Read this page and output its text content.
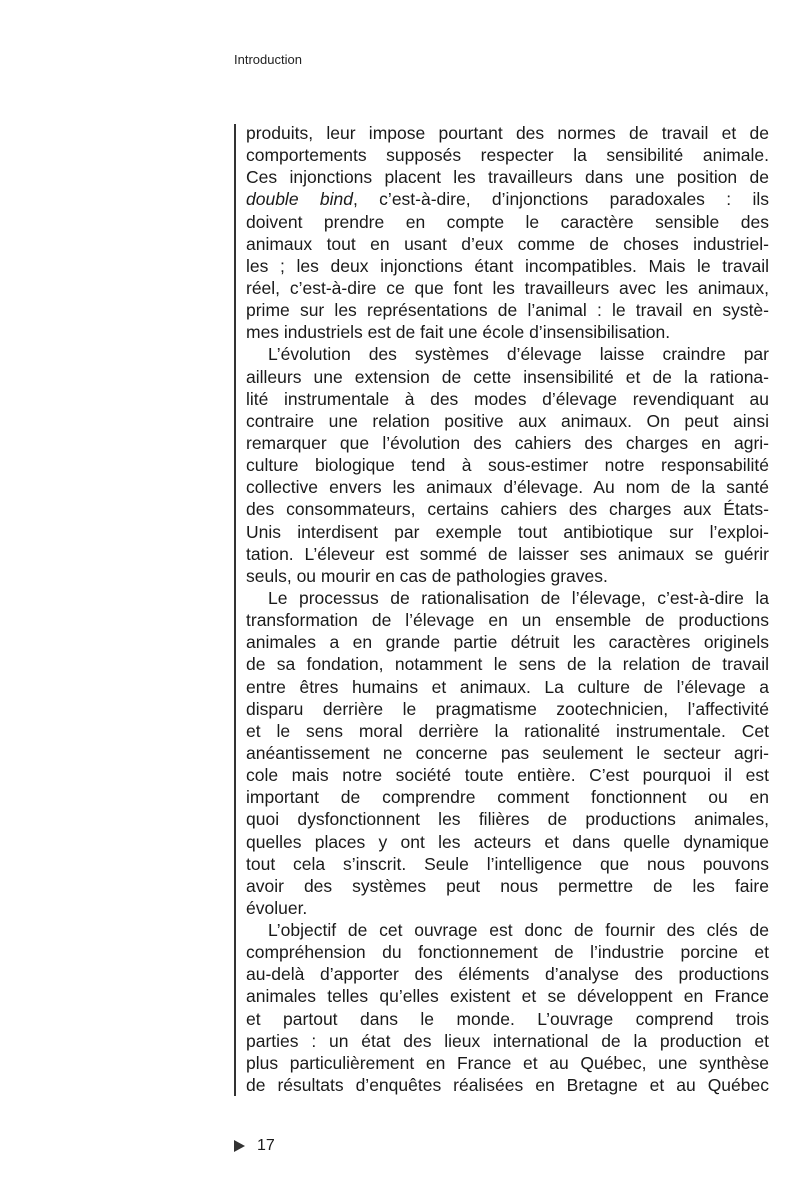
Introduction
produits, leur impose pourtant des normes de travail et de
comportements supposés respecter la sensibilité animale.
Ces injonctions placent les travailleurs dans une position de
double bind, c’est-à-dire, d’injonctions paradoxales : ils
doivent prendre en compte le caractère sensible des
animaux tout en usant d’eux comme de choses industriel-
les ; les deux injonctions étant incompatibles. Mais le travail
réel, c’est-à-dire ce que font les travailleurs avec les animaux,
prime sur les représentations de l’animal : le travail en systè-
mes industriels est de fait une école d’insensibilisation.
L’évolution des systèmes d’élevage laisse craindre par
ailleurs une extension de cette insensibilité et de la rationa-
lité instrumentale à des modes d’élevage revendiquant au
contraire une relation positive aux animaux. On peut ainsi
remarquer que l’évolution des cahiers des charges en agri-
culture biologique tend à sous-estimer notre responsabilité
collective envers les animaux d’élevage. Au nom de la santé
des consommateurs, certains cahiers des charges aux États-
Unis interdisent par exemple tout antibiotique sur l’exploi-
tation. L’éleveur est sommé de laisser ses animaux se guérir
seuls, ou mourir en cas de pathologies graves.
Le processus de rationalisation de l’élevage, c’est-à-dire la
transformation de l’élevage en un ensemble de productions
animales a en grande partie détruit les caractères originels
de sa fondation, notamment le sens de la relation de travail
entre êtres humains et animaux. La culture de l’élevage a
disparu derrière le pragmatisme zootechnicien, l’affectivité
et le sens moral derrière la rationalité instrumentale. Cet
anéantissement ne concerne pas seulement le secteur agri-
cole mais notre société toute entière. C’est pourquoi il est
important de comprendre comment fonctionnent ou en
quoi dysfonctionnent les filières de productions animales,
quelles places y ont les acteurs et dans quelle dynamique
tout cela s’inscrit. Seule l’intelligence que nous pouvons
avoir des systèmes peut nous permettre de les faire
évoluer.
L’objectif de cet ouvrage est donc de fournir des clés de
compréhension du fonctionnement de l’industrie porcine et
au-delà d’apporter des éléments d’analyse des productions
animales telles qu’elles existent et se développent en France
et partout dans le monde. L’ouvrage comprend trois
parties : un état des lieux international de la production et
plus particulièrement en France et au Québec, une synthèse
de résultats d’enquêtes réalisées en Bretagne et au Québec
17
